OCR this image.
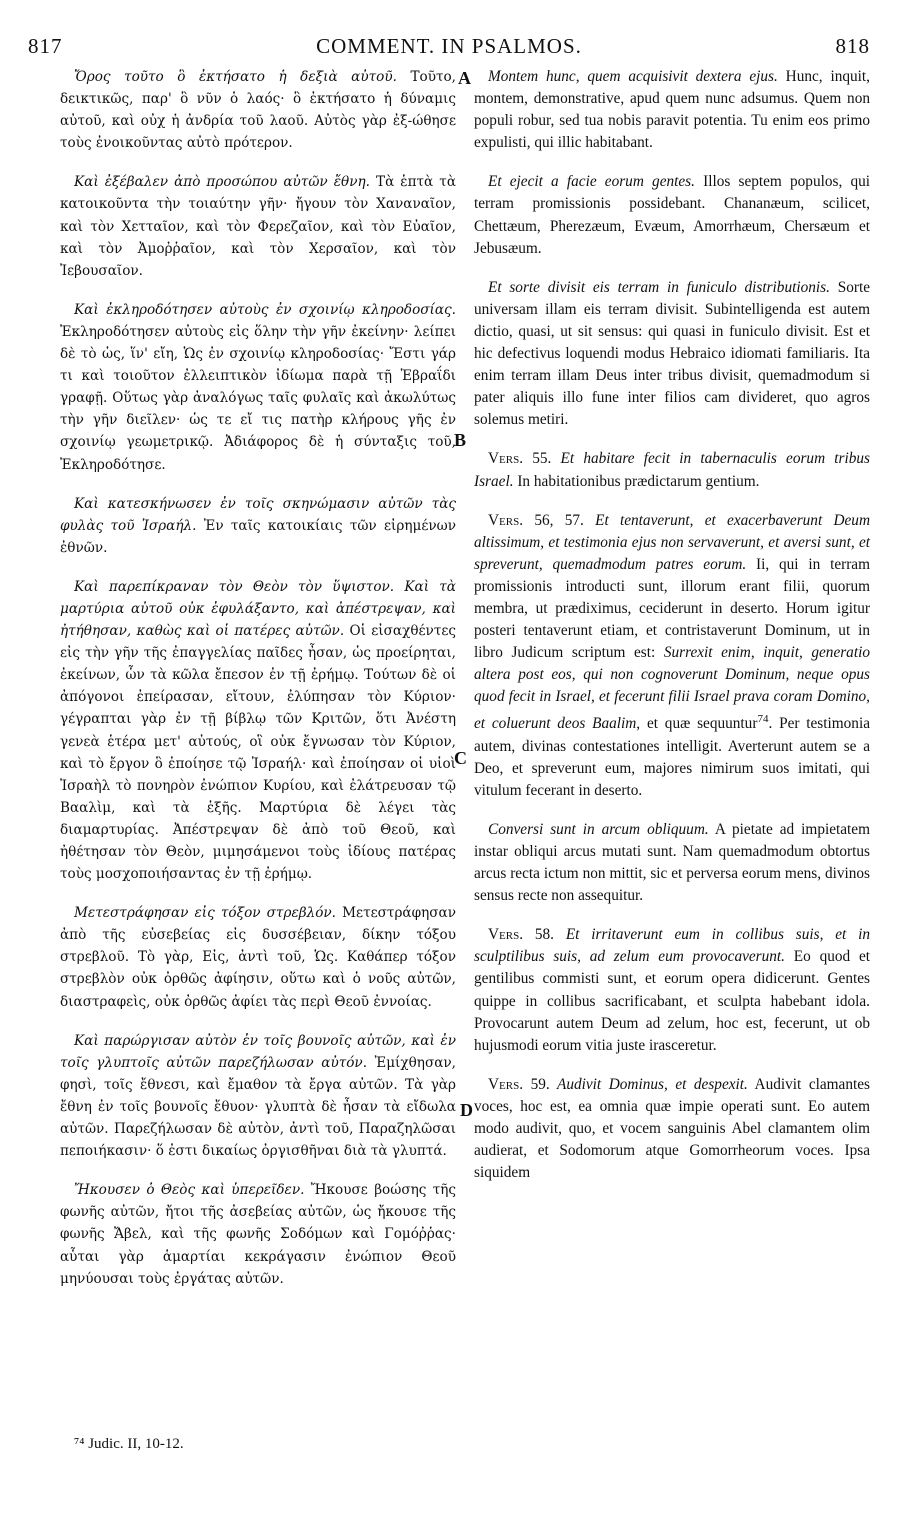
817	COMMENT. IN PSALMOS.	818
A
B
C
D

Ὄρος τοῦτο ὃ ἐκτήσατο ἡ δεξιὰ αὐτοῦ. Τοῦτο, δεικτικῶς, παρ' ὃ νῦν ὁ λαός· ὃ ἐκτήσατο ἡ δύναμις αὐτοῦ, καὶ οὐχ ἡ ἀνδρία τοῦ λαοῦ. Αὐτὸς γὰρ ἐξ-ώθησε τοὺς ἐνοικοῦντας αὐτὸ πρότερον.

Καὶ ἐξέβαλεν ἀπὸ προσώπου αὐτῶν ἔθνη. Τὰ ἑπτὰ τὰ κατοικοῦντα τὴν τοιαύτην γῆν· ἤγουν τὸν Χαναναῖον, καὶ τὸν Χετταῖον, καὶ τὸν Φερεζαῖον, καὶ τὸν Εὐαῖον, καὶ τὸν Ἀμοῤῥαῖον, καὶ τὸν Χερσαῖον, καὶ τὸν Ἰεβουσαῖον.

Καὶ ἐκληροδότησεν αὐτοὺς ἐν σχοινίῳ κληροδοσίας. Ἐκληροδότησεν αὐτοὺς εἰς ὅλην τὴν γῆν ἐκείνην· λείπει δὲ τὸ ὡς, ἵν' εἴη, Ὡς ἐν σχοινίῳ κληροδοσίας· Ἔστι γάρ τι καὶ τοιοῦτον ἐλλειπτικὸν ἰδίωμα παρὰ τῇ Ἑβραΐδι γραφῇ. Οὕτως γὰρ ἀναλόγως ταῖς φυλαῖς καὶ ἀκωλύτως τὴν γῆν διεῖλεν· ὡς τε εἴ τις πατὴρ κλήρους γῆς ἐν σχοινίῳ γεωμετρικῷ. Ἀδιάφορος δὲ ἡ σύνταξις τοῦ, Ἐκληροδότησε.

Καὶ κατεσκήνωσεν ἐν τοῖς σκηνώμασιν αὐτῶν τὰς φυλὰς τοῦ Ἰσραήλ. Ἐν ταῖς κατοικίαις τῶν εἰρημένων ἐθνῶν.

Καὶ παρεπίκραναν τὸν Θεὸν τὸν ὕψιστον. Καὶ τὰ μαρτύρια αὐτοῦ οὐκ ἐφυλάξαντο, καὶ ἀπέστρεψαν, καὶ ἠτήθησαν, καθὼς καὶ οἱ πατέρες αὐτῶν. Οἱ εἰσαχθέντες εἰς τὴν γῆν τῆς ἐπαγγελίας παῖδες ἦσαν, ὡς προείρηται, ἐκείνων, ὧν τὰ κῶλα ἔπεσον ἐν τῇ ἐρήμῳ. Τούτων δὲ οἱ ἀπόγονοι ἐπείρασαν, εἴτουν, ἐλύπησαν τὸν Κύριον· γέγραπται γὰρ ἐν τῇ βίβλῳ τῶν Κριτῶν, ὅτι Ἀνέστη γενεὰ ἑτέρα μετ' αὐτούς, οἳ οὐκ ἔγνωσαν τὸν Κύριον, καὶ τὸ ἔργον ὃ ἐποίησε τῷ Ἰσραήλ· καὶ ἐποίησαν οἱ υἱοὶ Ἰσραὴλ τὸ πονηρὸν ἐνώπιον Κυρίου, καὶ ἐλάτρευσαν τῷ Βααλὶμ, καὶ τὰ ἑξῆς. Μαρτύρια δὲ λέγει τὰς διαμαρτυρίας. Ἀπέστρεψαν δὲ ἀπὸ τοῦ Θεοῦ, καὶ ἠθέτησαν τὸν Θεὸν, μιμησάμενοι τοὺς ἰδίους πατέρας τοὺς μοσχοποιήσαντας ἐν τῇ ἐρήμῳ.

Μετεστράφησαν εἰς τόξον στρεβλόν. Μετεστράφησαν ἀπὸ τῆς εὐσεβείας εἰς δυσσέβειαν, δίκην τόξου στρεβλοῦ. Τὸ γὰρ, Εἰς, ἀντὶ τοῦ, Ὡς. Καθάπερ τόξον στρεβλὸν οὐκ ὀρθῶς ἀφίησιν, οὕτω καὶ ὁ νοῦς αὐτῶν, διαστραφεὶς, οὐκ ὀρθῶς ἀφίει τὰς περὶ Θεοῦ ἐννοίας.

Καὶ παρώργισαν αὐτὸν ἐν τοῖς βουνοῖς αὐτῶν, καὶ ἐν τοῖς γλυπτοῖς αὐτῶν παρεζήλωσαν αὐτόν. Ἐμίχθησαν, φησὶ, τοῖς ἔθνεσι, καὶ ἔμαθον τὰ ἔργα αὐτῶν. Τὰ γὰρ ἔθνη ἐν τοῖς βουνοῖς ἔθυον· γλυπτὰ δὲ ἦσαν τὰ εἴδωλα αὐτῶν. Παρεζήλωσαν δὲ αὐτὸν, ἀντὶ τοῦ, Παραζηλῶσαι πεποιήκασιν· ὅ ἐστι δικαίως ὀργισθῆναι διὰ τὰ γλυπτά.

Ἤκουσεν ὁ Θεὸς καὶ ὑπερεῖδεν. Ἤκουσε βοώσης τῆς φωνῆς αὐτῶν, ἤτοι τῆς ἀσεβείας αὐτῶν, ὡς ἤκουσε τῆς φωνῆς Ἄβελ, καὶ τῆς φωνῆς Σοδόμων καὶ Γομόῤῥας· αὗται γὰρ ἁμαρτίαι κεκράγασιν ἐνώπιον Θεοῦ μηνύουσαι τοὺς ἐργάτας αὐτῶν.

Montem hunc, quem acquisivit dextera ejus. Hunc, inquit, montem, demonstrative, apud quem nunc adsumus. Quem non populi robur, sed tua nobis paravit potentia. Tu enim eos primo expulisti, qui illic habitabant.

Et ejecit a facie eorum gentes. Illos septem populos, qui terram promissionis possidebant. Chananæum, scilicet, Chettæum, Pherezæum, Evæum, Amorrhæum, Chersæum et Jebusæum.

Et sorte divisit eis terram in funiculo distributionis. Sorte universam illam eis terram divisit. Subintelligenda est autem dictio, quasi, ut sit sensus: qui quasi in funiculo divisit. Est et hic defectivus loquendi modus Hebraico idiomati familiaris. Ita enim terram illam Deus inter tribus divisit, quemadmodum si pater aliquis illo fune inter filios cam divideret, quo agros solemus metiri.

Vers. 55. Et habitare fecit in tabernaculis eorum tribus Israel. In habitationibus prædictarum gentium.

Vers. 56, 57. Et tentaverunt, et exacerbaverunt Deum altissimum, et testimonia ejus non servaverunt, et aversi sunt, et spreverunt, quemadmodum patres eorum. Ii, qui in terram promissionis introducti sunt, illorum erant filii, quorum membra, ut prædiximus, ceciderunt in deserto. Horum igitur posteri tentaverunt etiam, et contristaverunt Dominum, ut in libro Judicum scriptum est: Surrexit enim, inquit, generatio altera post eos, qui non cognoverunt Dominum, neque opus quod fecit in Israel, et fecerunt filii Israel prava coram Domino, et coluerunt deos Baalim, et quæ sequuntur$^{74}$. Per testimonia autem, divinas contestationes intelligit. Averterunt autem se a Deo, et spreverunt eum, majores nimirum suos imitati, qui vitulum fecerant in deserto.

Conversi sunt in arcum obliquum. A pietate ad impietatem instar obliqui arcus mutati sunt. Nam quemadmodum obtortus arcus recta ictum non mittit, sic et perversa eorum mens, divinos sensus recte non assequitur.

Vers. 58. Et irritaverunt eum in collibus suis, et in sculptilibus suis, ad zelum eum provocaverunt. Eo quod et gentilibus commisti sunt, et eorum opera didicerunt. Gentes quippe in collibus sacrificabant, et sculpta habebant idola. Provocarunt autem Deum ad zelum, hoc est, fecerunt, ut ob hujusmodi eorum vitia juste irasceretur.

Vers. 59. Audivit Dominus, et despexit. Audivit clamantes voces, hoc est, ea omnia quæ impie operati sunt. Eo autem modo audivit, quo, et vocem sanguinis Abel clamantem olim audierat, et Sodomorum atque Gomorrheorum voces. Ipsa siquidem

⁷⁴ Judic. II, 10-12.
